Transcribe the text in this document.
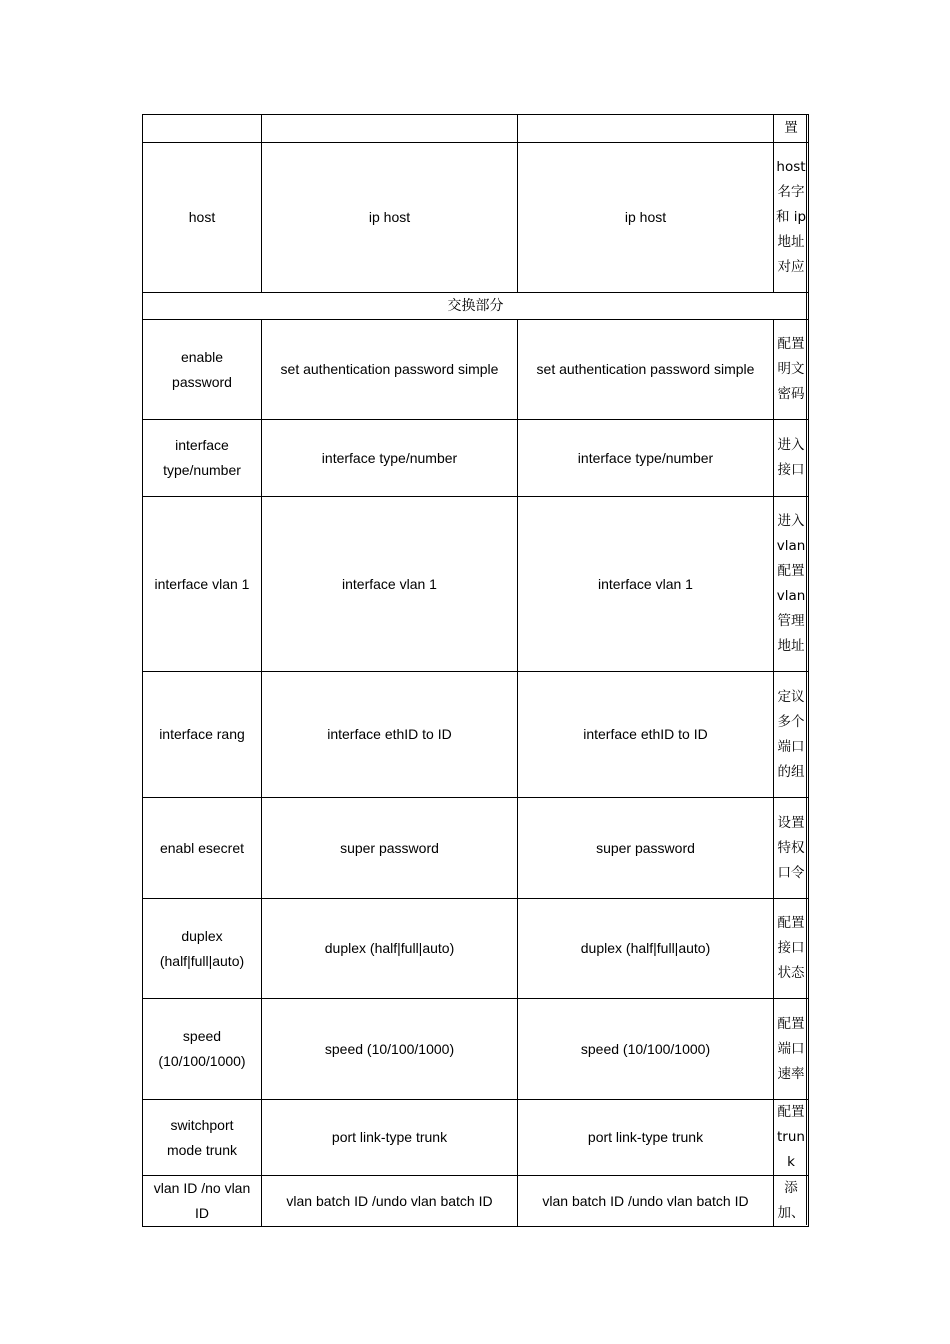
			置

host	ip host	ip host	host 名字和 ip 地址对应
交换部分			

enable password	set authentication password simple	set authentication password simple	配置明文密码

interface type/number	interface type/number	interface type/number	进入接口

interface vlan 1	interface vlan 1	interface vlan 1	进入 vlan 配置 vlan 管理地址

interface rang	interface ethID to ID	interface ethID to ID	定议多个端口的组

enabl esecret	super password	super password	设置特权口令

duplex (half|full|auto)	duplex (half|full|auto)	duplex (half|full|auto)	配置接口状态

speed (10/100/1000)	speed (10/100/1000)	speed (10/100/1000)	配置端口速率

switchport mode trunk	port link-type trunk	port link-type trunk	配置 trunk

vlan ID /no vlan ID	vlan batch ID /undo vlan batch ID	vlan batch ID /undo vlan batch ID	添加、
